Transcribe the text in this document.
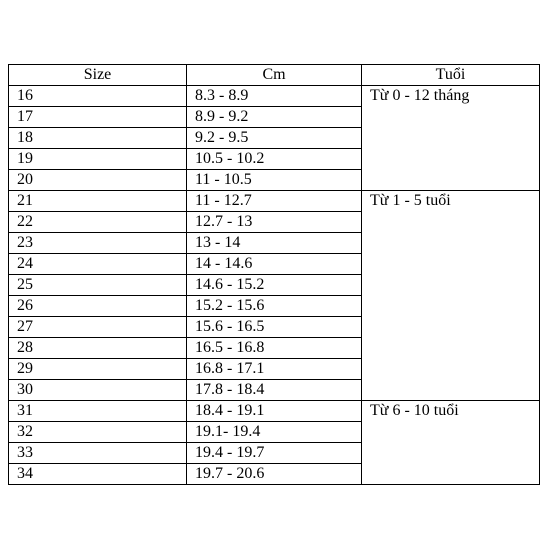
Size	Cm	Tuổi
16	8.3 - 8.9	Từ 0 - 12 tháng
17	8.9 - 9.2	
18	9.2 - 9.5	
19	10.5 - 10.2	
20	11 - 10.5	
21	11 - 12.7	Từ 1 - 5 tuổi
22	12.7 - 13	
23	13 - 14	
24	14 - 14.6	
25	14.6 - 15.2	
26	15.2 - 15.6	
27	15.6 - 16.5	
28	16.5 - 16.8	
29	16.8 - 17.1	
30	17.8 - 18.4	
31	18.4 - 19.1	Từ 6 - 10 tuổi
32	19.1- 19.4	
33	19.4 - 19.7	
34	19.7 - 20.6	
